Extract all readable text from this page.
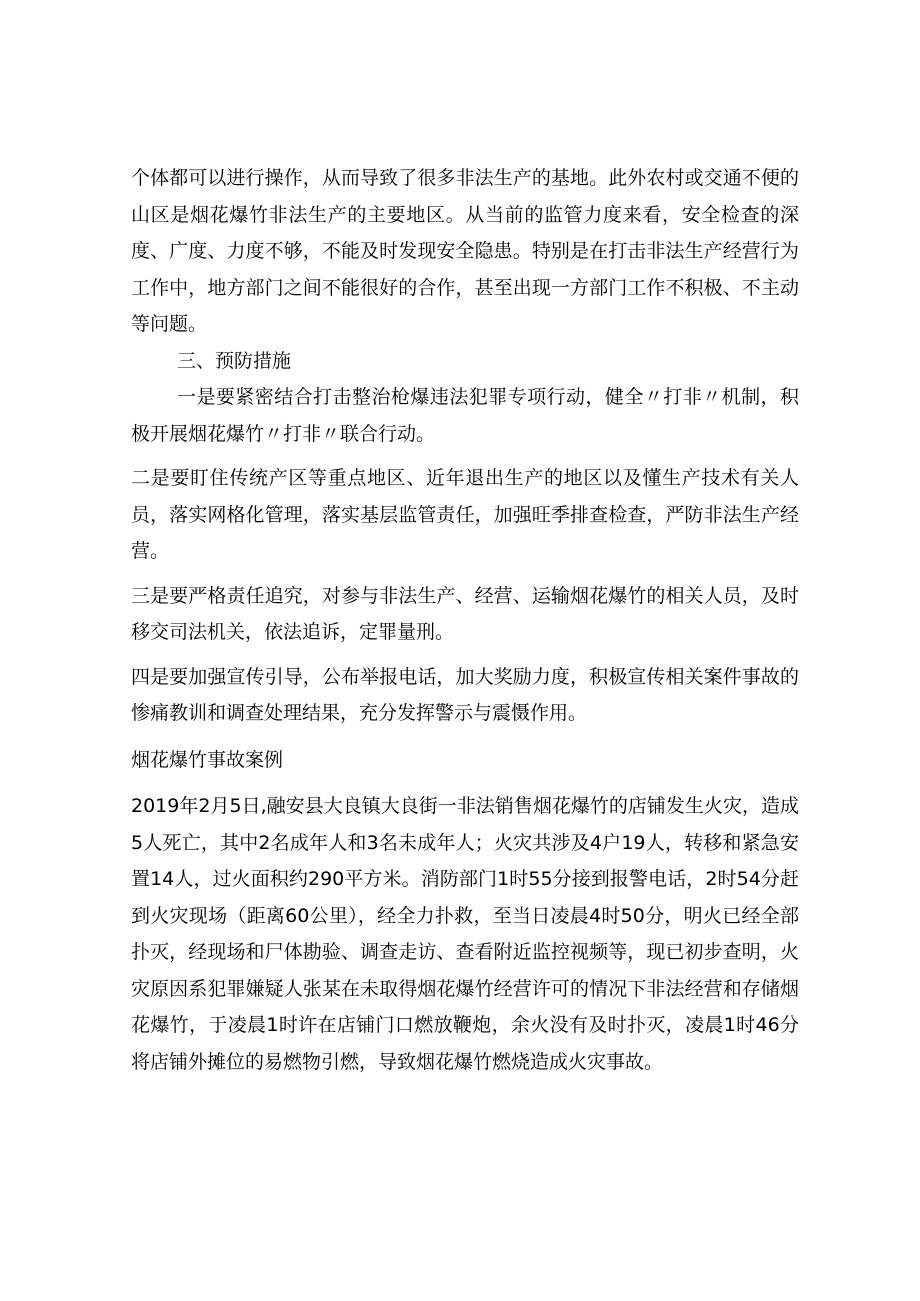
个体都可以进行操作，从而导致了很多非法生产的基地。此外农村或交通不便的山区是烟花爆竹非法生产的主要地区。从当前的监管力度来看，安全检查的深度、广度、力度不够，不能及时发现安全隐患。特别是在打击非法生产经营行为工作中，地方部门之间不能很好的合作，甚至出现一方部门工作不积极、不主动等问题。

三、预防措施

一是要紧密结合打击整治枪爆违法犯罪专项行动，健全〃打非〃机制，积极开展烟花爆竹〃打非〃联合行动。

二是要盯住传统产区等重点地区、近年退出生产的地区以及懂生产技术有关人员，落实网格化管理，落实基层监管责任，加强旺季排查检查，严防非法生产经营。

三是要严格责任追究，对参与非法生产、经营、运输烟花爆竹的相关人员，及时移交司法机关，依法追诉，定罪量刑。

四是要加强宣传引导，公布举报电话，加大奖励力度，积极宣传相关案件事故的惨痛教训和调查处理结果，充分发挥警示与震慑作用。

烟花爆竹事故案例

2019年2月5日,融安县大良镇大良街一非法销售烟花爆竹的店铺发生火灾，造成5人死亡，其中2名成年人和3名未成年人；火灾共涉及4户19人，转移和紧急安置14人，过火面积约290平方米。消防部门1时55分接到报警电话，2时54分赶到火灾现场（距离60公里），经全力扑救，至当日凌晨4时50分，明火已经全部扑灭，经现场和尸体勘验、调查走访、查看附近监控视频等，现已初步查明，火灾原因系犯罪嫌疑人张某在未取得烟花爆竹经营许可的情况下非法经营和存储烟花爆竹，于凌晨1时许在店铺门口燃放鞭炮，余火没有及时扑灭，凌晨1时46分将店铺外摊位的易燃物引燃，导致烟花爆竹燃烧造成火灾事故。
